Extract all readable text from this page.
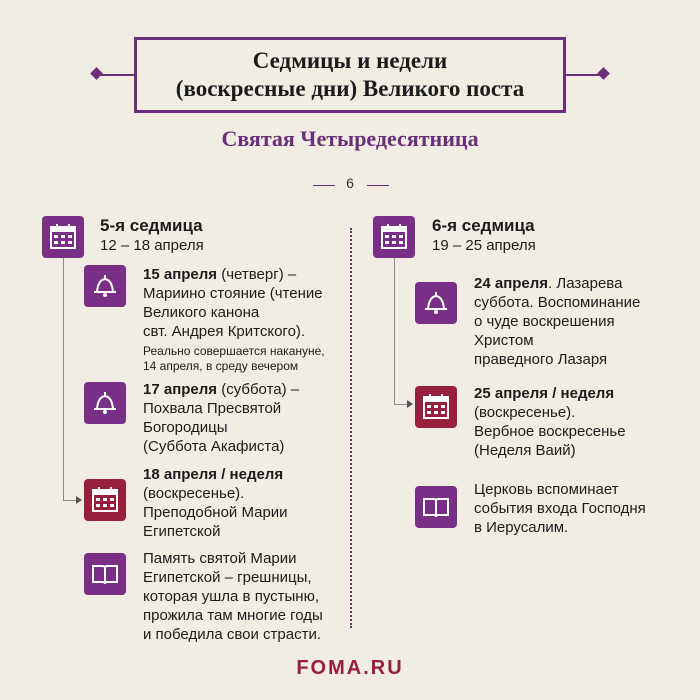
Седмицы и недели
(воскресные дни) Великого поста
Святая Четыредесятница
6
5-я седмица
12 – 18 апреля
15 апреля (четверг) –
Мариино стояние (чтение
Великого канона
свт. Андрея Критского).
Реально совершается накануне,
14 апреля, в среду вечером
17 апреля (суббота) –
Похвала Пресвятой
Богородицы
(Суббота Акафиста)
18 апреля / неделя
(воскресенье).
Преподобной Марии
Египетской
Память святой Марии
Египетской – грешницы,
которая ушла в пустыню,
прожила там многие годы
и победила свои страсти.
6-я седмица
19 – 25 апреля
24 апреля. Лазарева
суббота. Воспоминание
о чуде воскрешения
Христом
праведного Лазаря
25 апреля / неделя
(воскресенье).
Вербное воскресенье
(Неделя Ваий)
Церковь вспоминает
события входа Господня
в Иерусалим.
FOMA.RU
